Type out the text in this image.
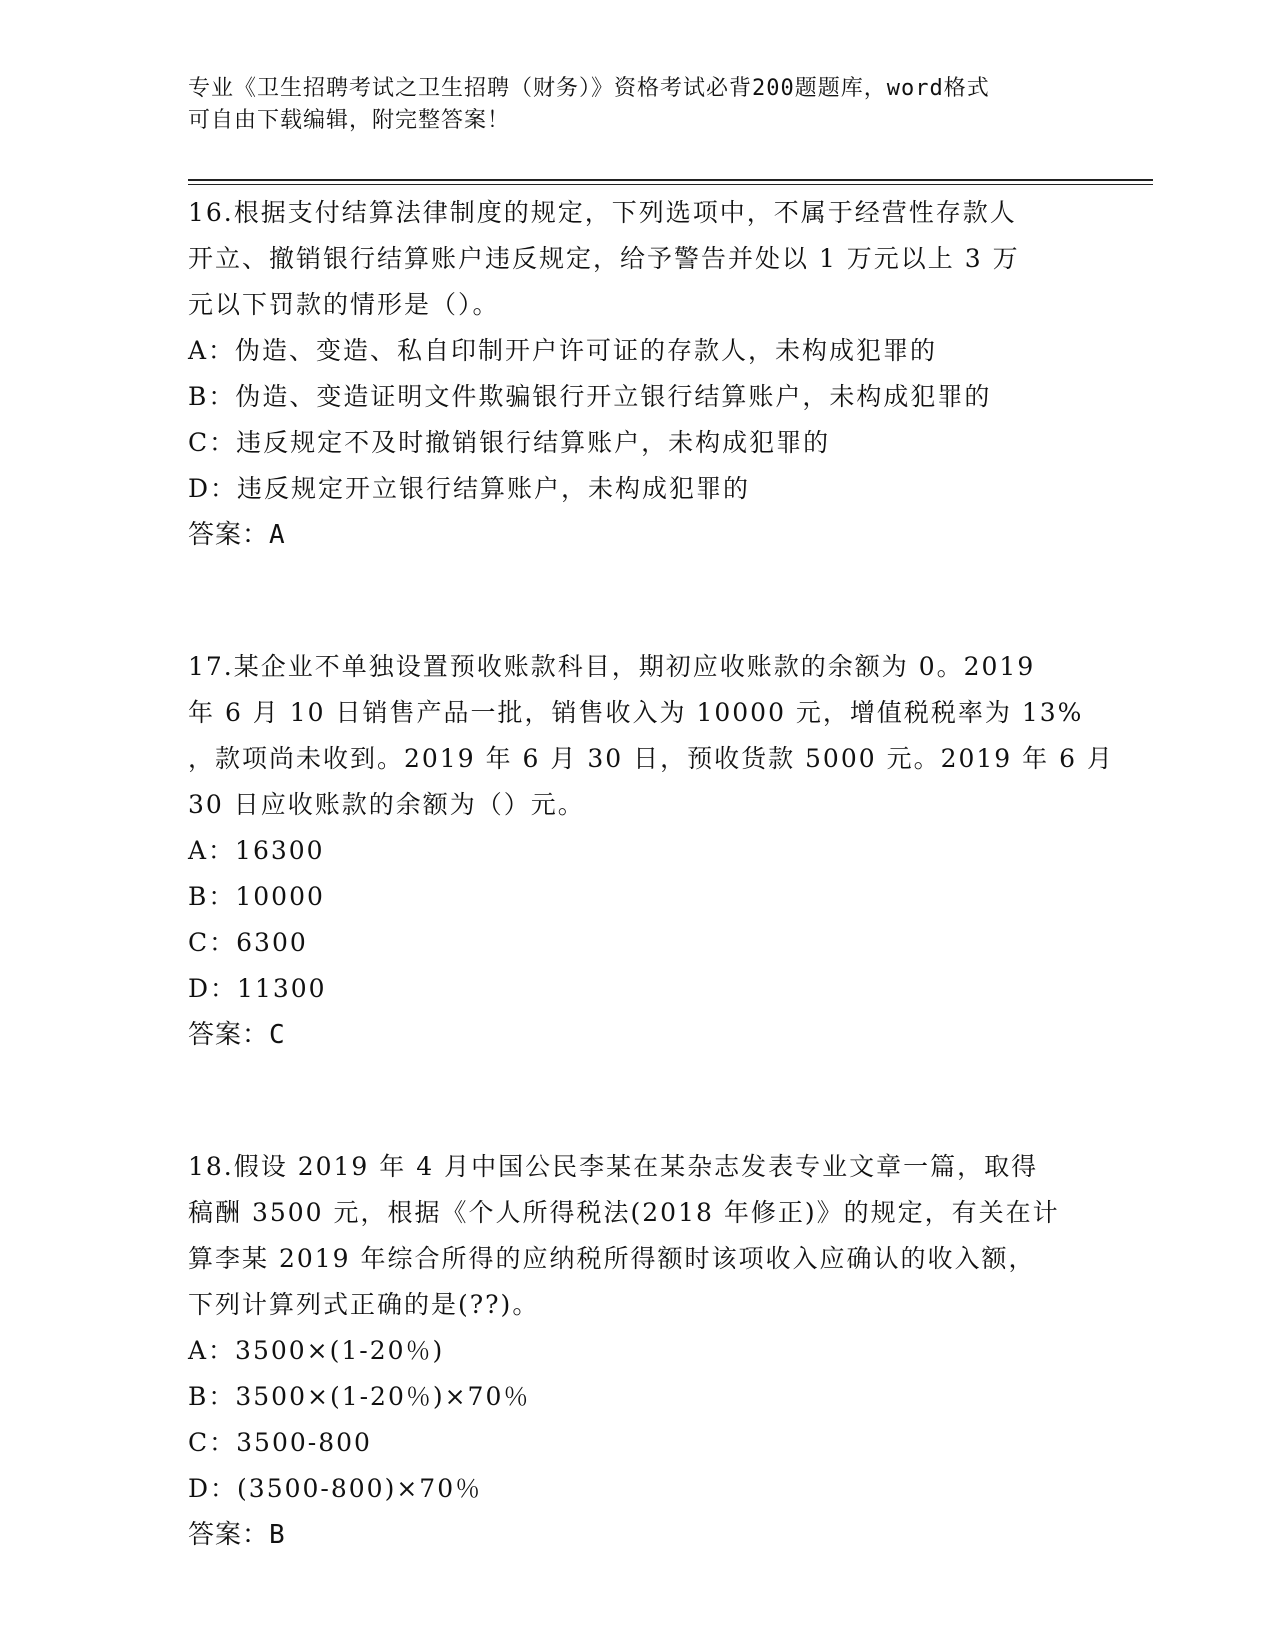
专业《卫生招聘考试之卫生招聘（财务）》资格考试必背200题题库，word格式
可自由下载编辑，附完整答案！
16.根据支付结算法律制度的规定，下列选项中，不属于经营性存款人
开立、撤销银行结算账户违反规定，给予警告并处以 1 万元以上 3 万
元以下罚款的情形是（）。
A：伪造、变造、私自印制开户许可证的存款人，未构成犯罪的
B：伪造、变造证明文件欺骗银行开立银行结算账户，未构成犯罪的
C：违反规定不及时撤销银行结算账户，未构成犯罪的
D：违反规定开立银行结算账户，未构成犯罪的
答案：A
17.某企业不单独设置预收账款科目，期初应收账款的余额为 0。2019
年 6 月 10 日销售产品一批，销售收入为 10000 元，增值税税率为 13%
，款项尚未收到。2019 年 6 月 30 日，预收货款 5000 元。2019 年 6 月
30 日应收账款的余额为（）元。
A：16300
B：10000
C：6300
D：11300
答案：C
18.假设 2019 年 4 月中国公民李某在某杂志发表专业文章一篇，取得
稿酬 3500 元，根据《个人所得税法(2018 年修正)》的规定，有关在计
算李某 2019 年综合所得的应纳税所得额时该项收入应确认的收入额，
下列计算列式正确的是(??)。
A：3500×(1-20％)
B：3500×(1-20％)×70％
C：3500-800
D：(3500-800)×70％
答案：B
